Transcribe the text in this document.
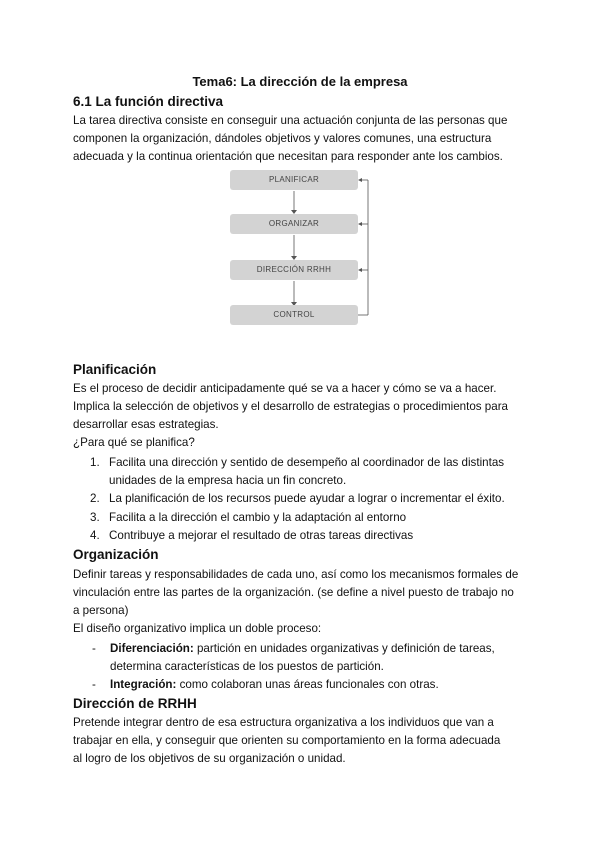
Tema6: La dirección de la empresa
6.1 La función directiva
La tarea directiva consiste en conseguir una actuación conjunta de las personas que
componen la organización, dándoles objetivos y valores comunes, una estructura
adecuada y la continua orientación que necesitan para responder ante los cambios.
PLANIFICAR
ORGANIZAR
DIRECCIÓN RRHH
CONTROL
Planificación
Es el proceso de decidir anticipadamente qué se va a hacer y cómo se va a hacer.
Implica la selección de objetivos y el desarrollo de estrategias o procedimientos para
desarrollar esas estrategias.
¿Para qué se planifica?
1. Facilita una dirección y sentido de desempeño al coordinador de las distintas
unidades de la empresa hacia un fin concreto.
2. La planificación de los recursos puede ayudar a lograr o incrementar el éxito.
3. Facilita a la dirección el cambio y la adaptación al entorno
4. Contribuye a mejorar el resultado de otras tareas directivas
Organización
Definir tareas y responsabilidades de cada uno, así como los mecanismos formales de
vinculación entre las partes de la organización. (se define a nivel puesto de trabajo no
a persona)
El diseño organizativo implica un doble proceso:
- Diferenciación: partición en unidades organizativas y definición de tareas,
determina características de los puestos de partición.
- Integración: como colaboran unas áreas funcionales con otras.
Dirección de RRHH
Pretende integrar dentro de esa estructura organizativa a los individuos que van a
trabajar en ella, y conseguir que orienten su comportamiento en la forma adecuada
al logro de los objetivos de su organización o unidad.
